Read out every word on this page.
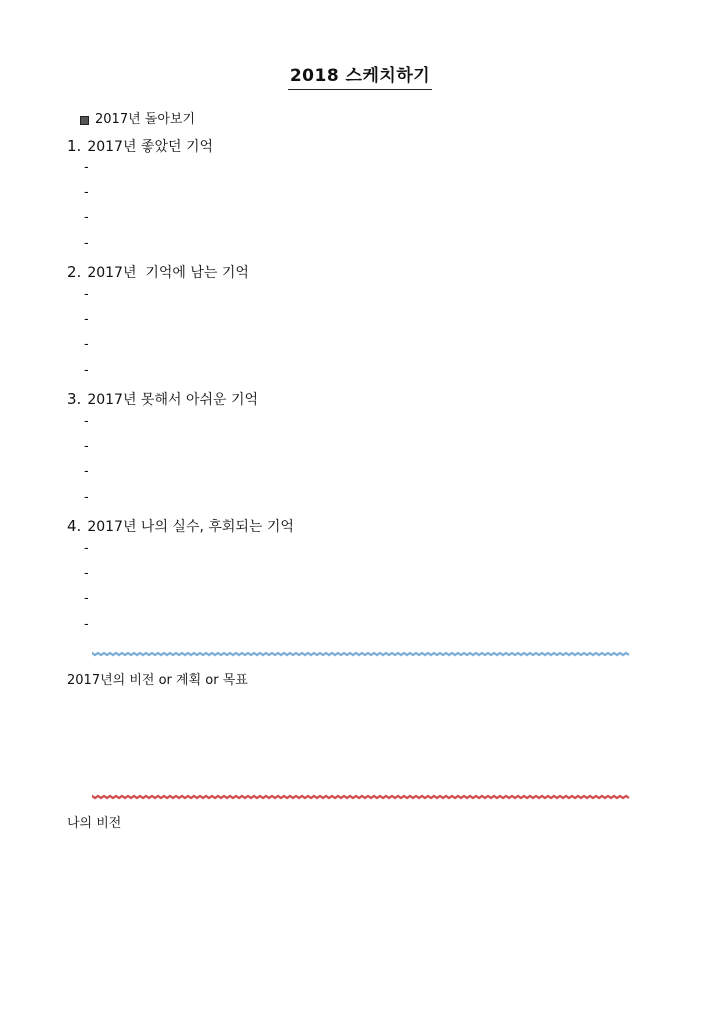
2018 스케치하기
2017년 돌아보기
1. 2017년 좋았던 기억
-
-
-
-
2. 2017년  기억에 남는 기억
-
-
-
-
3. 2017년 못해서 아쉬운 기억
-
-
-
-
4. 2017년 나의 실수, 후회되는 기억
-
-
-
-
2017년의 비전 or 계획 or 목표
나의 비전
